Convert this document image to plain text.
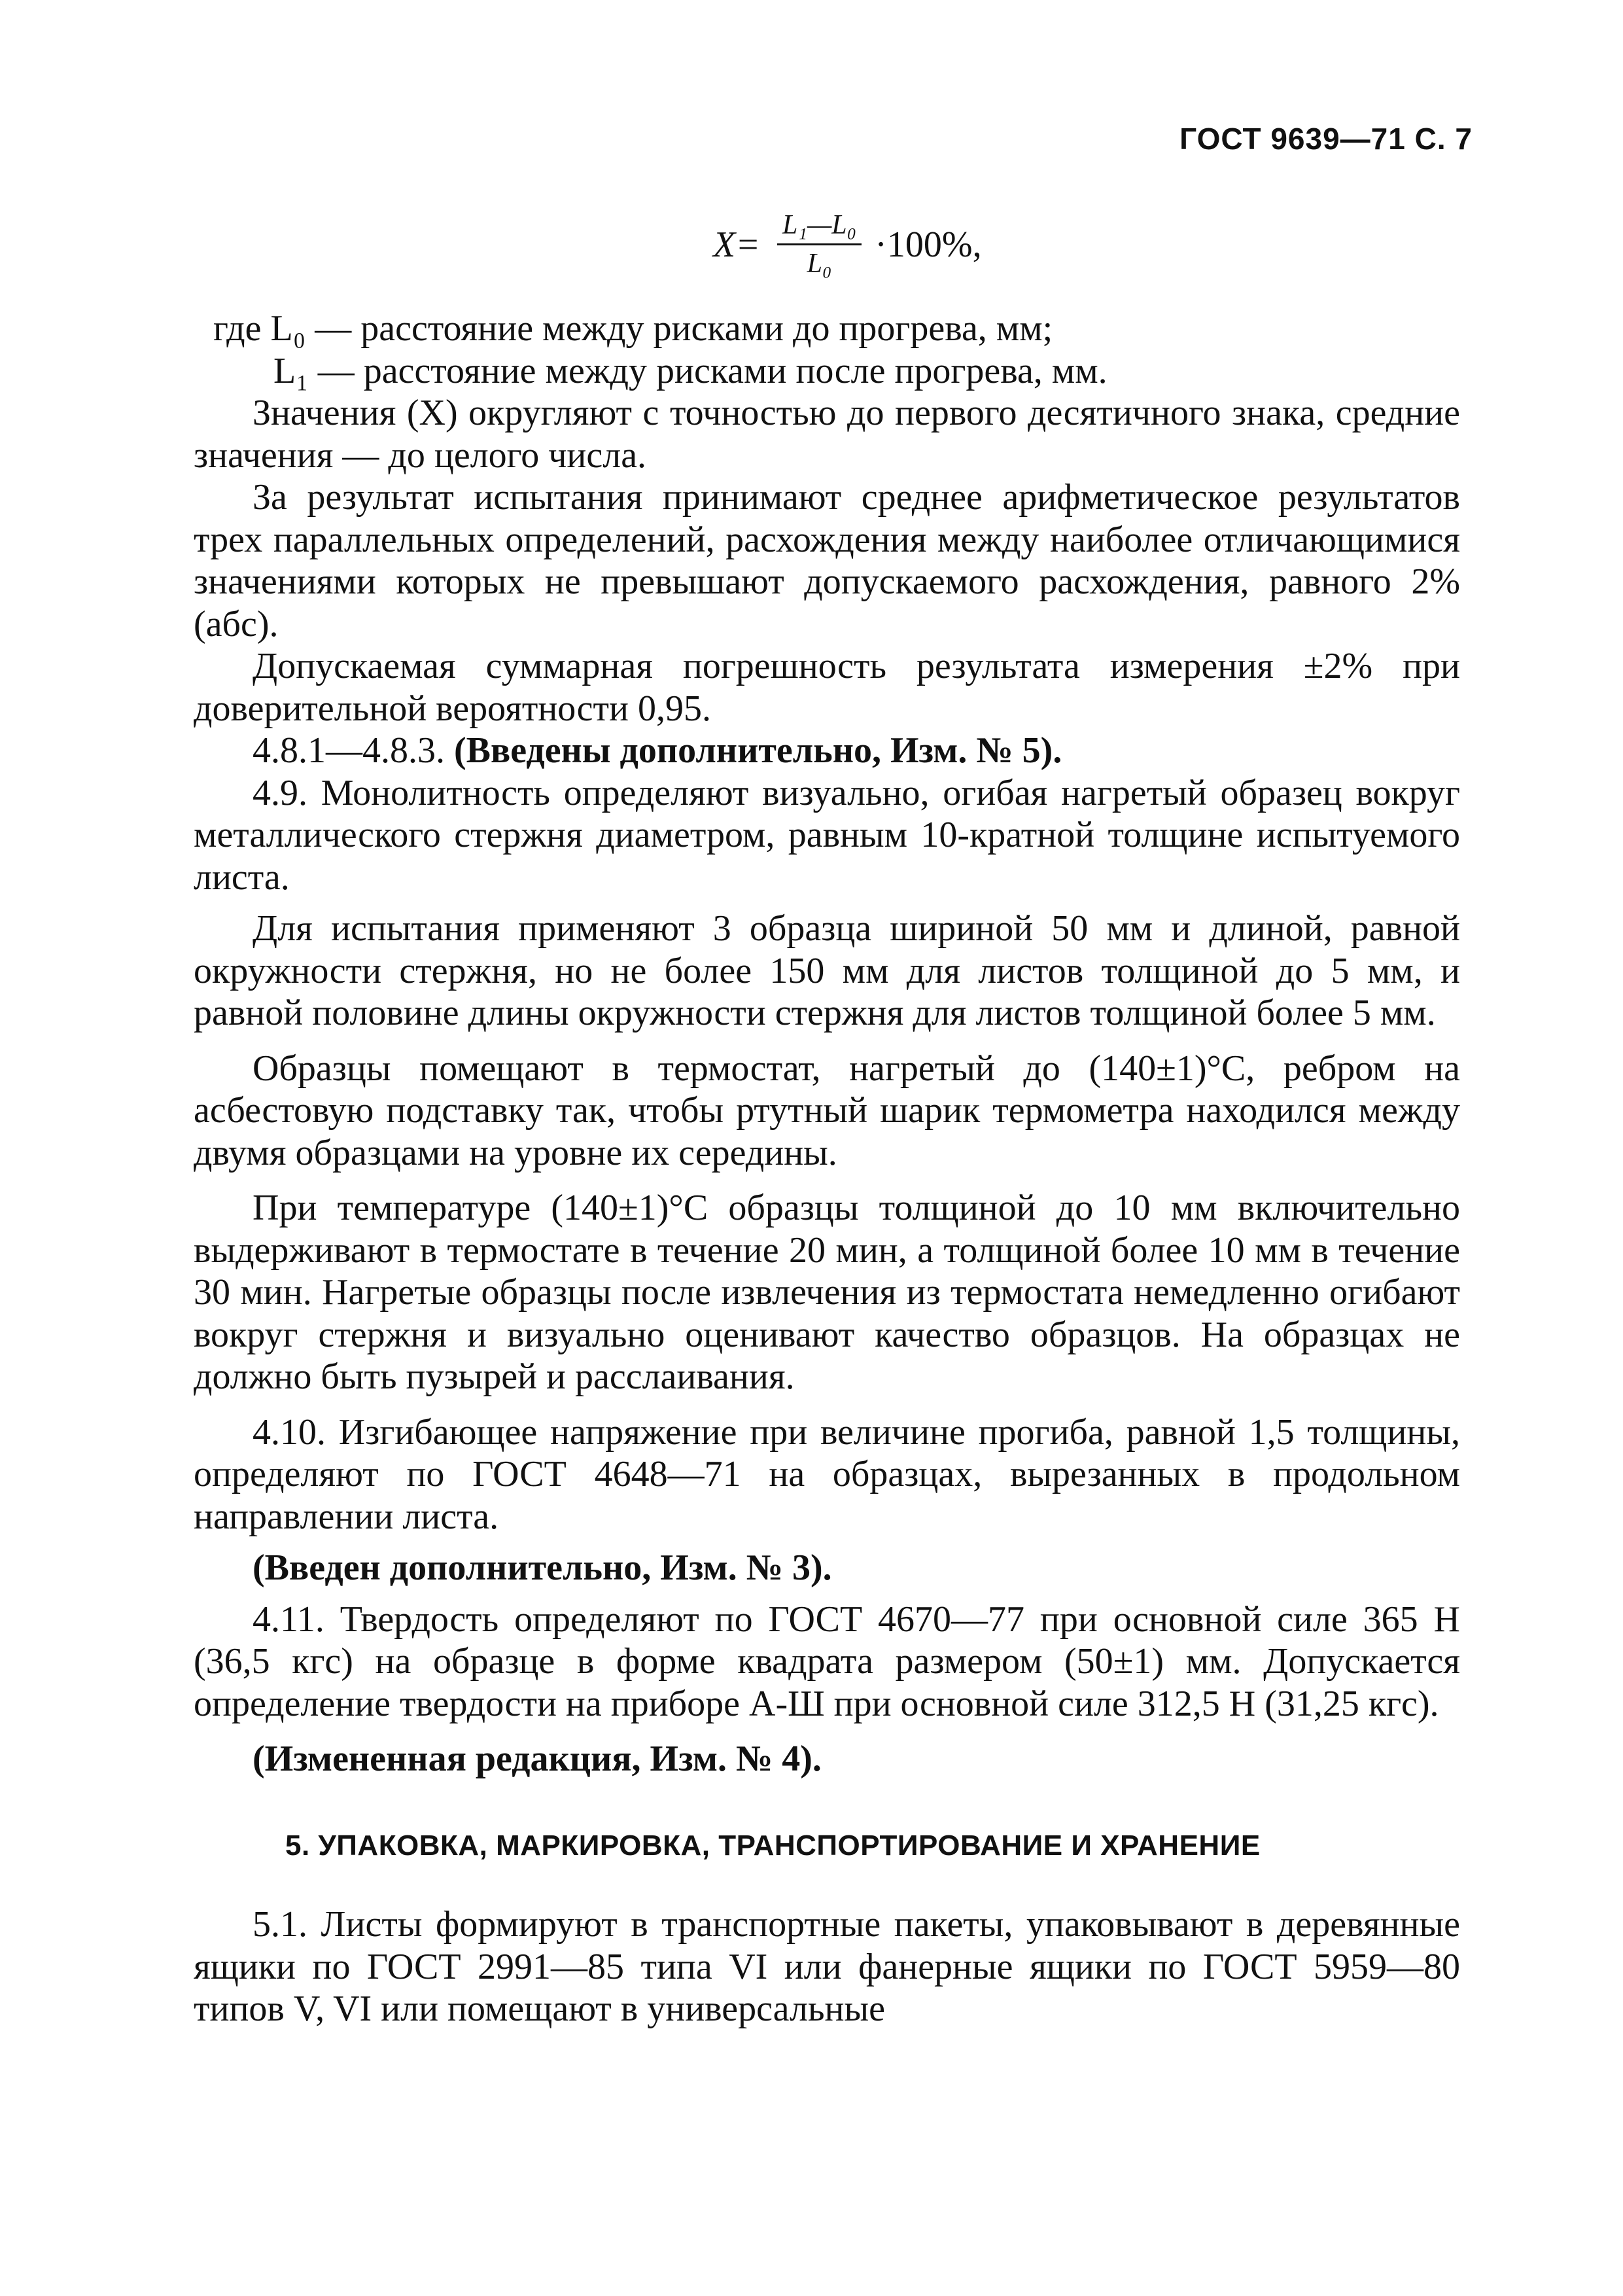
ГОСТ 9639—71 С. 7
$X= \frac{\text{L₁—L₀}}{\text{L₀}} \cdot 100\%$,

где L₀ — расстояние между рисками до прогрева, мм;

L₁ — расстояние между рисками после прогрева, мм.

Значения (X) округляют с точностью до первого десятичного знака, средние значения — до целого числа.

За результат испытания принимают среднее арифметическое результатов трех параллельных определений, расхождения между наиболее отличающимися значениями которых не превышают допускаемого расхождения, равного 2% (абс).

Допускаемая суммарная погрешность результата измерения ±2% при доверительной вероятности 0,95.

4.8.1—4.8.3. (Введены дополнительно, Изм. № 5).

4.9. Монолитность определяют визуально, огибая нагретый образец вокруг металлического стержня диаметром, равным 10-кратной толщине испытуемого листа.

Для испытания применяют 3 образца шириной 50 мм и длиной, равной окружности стержня, но не более 150 мм для листов толщиной до 5 мм, и равной половине длины окружности стержня для листов толщиной более 5 мм.

Образцы помещают в термостат, нагретый до (140±1)°С, ребром на асбестовую подставку так, чтобы ртутный шарик термометра находился между двумя образцами на уровне их середины.

При температуре (140±1)°С образцы толщиной до 10 мм включительно выдерживают в термостате в течение 20 мин, а толщиной более 10 мм в течение 30 мин. Нагретые образцы после извлечения из термостата немедленно огибают вокруг стержня и визуально оценивают качество образцов. На образцах не должно быть пузырей и расслаивания.

4.10. Изгибающее напряжение при величине прогиба, равной 1,5 толщины, определяют по ГОСТ 4648—71 на образцах, вырезанных в продольном направлении листа.

(Введен дополнительно, Изм. № 3).

4.11. Твердость определяют по ГОСТ 4670—77 при основной силе 365 Н (36,5 кгс) на образце в форме квадрата размером (50±1) мм. Допускается определение твердости на приборе А-Ш при основной силе 312,5 Н (31,25 кгс).

(Измененная редакция, Изм. № 4).

5. УПАКОВКА, МАРКИРОВКА, ТРАНСПОРТИРОВАНИЕ И ХРАНЕНИЕ

5.1. Листы формируют в транспортные пакеты, упаковывают в деревянные ящики по ГОСТ 2991—85 типа VI или фанерные ящики по ГОСТ 5959—80 типов V, VI или помещают в универсальные
